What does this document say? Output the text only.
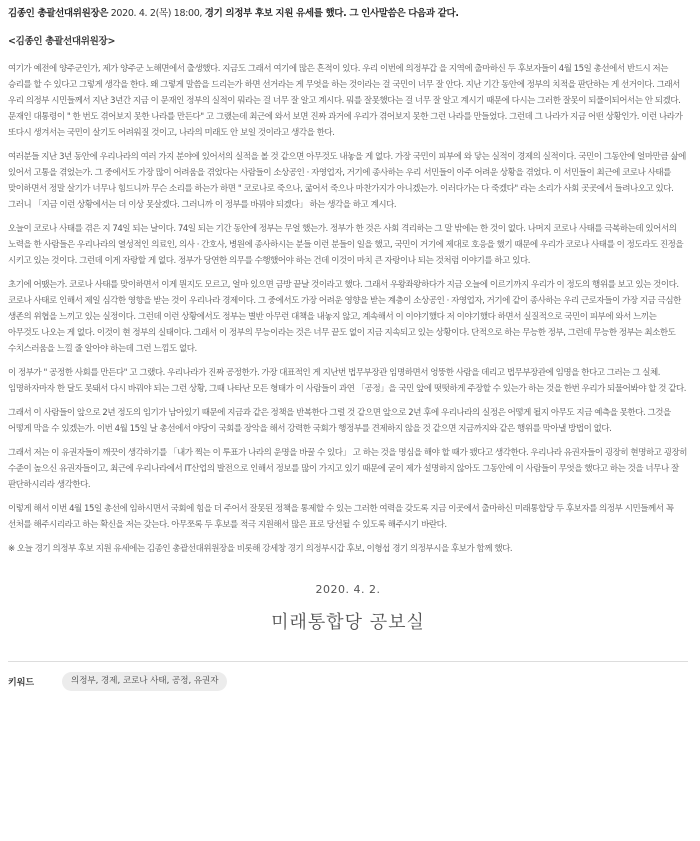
김종인 총괄선대위원장은 2020. 4. 2(목) 18:00, 경기 의정부 후보 지원 유세를 했다. 그 인사말씀은 다음과 같다.

<김종인 총괄선대위원장>

여기가 예전에 양주군인가, 제가 양주군 노해면에서 출생했다. 지금도 그래서 여기에 많은 흔적이 있다. 우리 이번에 의정부갑 을 지역에 출마하신 두 후보자들이 4월 15일 총선에서 반드시 저는 승리를 할 수 있다고 그렇게 생각을 한다. 왜 그렇게 말씀을 드리는가 하면 선거라는 게 무엇을 하는 것이라는 걸 국민이 너무 잘 안다. 지난 기간 동안에 정부의 치적을 판단하는 게 선거이다. 그래서 우리 의정부 시민들께서 지난 3년간 지금 이 문재인 정부의 실적이 뭐라는 걸 너무 잘 알고 계시다. 뭐를 잘못했다는 걸 너무 잘 알고 계시기 때문에 다시는 그러한 잘못이 되풀이되어서는 안 되겠다. 문재인 대통령이 " 한 번도 겪어보지 못한 나라를 만든다" 고 그랬는데 최근에 와서 보면 진짜 과거에 우리가 겪어보지 못한 그런 나라를 만들었다. 그런데 그 나라가 지금 어떤 상황인가. 이런 나라가 또다시 생겨서는 국민이 살기도 어려워질 것이고, 나라의 미래도 안 보일 것이라고 생각을 한다.

여러분들 지난 3년 동안에 우리나라의 여러 가지 분야에 있어서의 실적을 볼 것 같으면 아무것도 내놓을 게 없다. 가장 국민이 피부에 와 닿는 실적이 경제의 실적이다. 국민이 그동안에 얼마만큼 삶에 있어서 고통을 겪었는가. 그 중에서도 가장 많이 어려움을 겪었다는 사람들이 소상공인 · 자영업자, 거기에 종사하는 우리 서민들이 아주 어려운 상황을 겪었다. 이 서민들이 최근에 코로나 사태를 맞이하면서 정말 살기가 너무나 힘드니까 무슨 소리를 하는가 하면 " 코로나로 죽으나, 굶어서 죽으나 마찬가지가 아니겠는가. 이러다가는 다 죽겠다" 라는 소리가 사회 곳곳에서 들려나오고 있다. 그러니 「지금 이런 상황에서는 더 이상 못살겠다. 그러니까 이 정부를 바꿔야 되겠다」 하는 생각을 하고 계시다.

오늘이 코로나 사태를 겪은 지 74일 되는 날이다. 74일 되는 기간 동안에 정부는 무얼 했는가. 정부가 한 것은 사회 격리하는 그 말 밖에는 한 것이 없다. 나머지 코로나 사태를 극복하는데 있어서의 노력을 한 사람들은 우리나라의 열성적인 의료인, 의사 · 간호사, 병원에 종사하시는 분들 이런 분들이 일을 했고, 국민이 거기에 제대로 호응을 했기 때문에 우리가 코로나 사태를 이 정도라도 진정을 시키고 있는 것이다. 그런데 이게 자랑할 게 없다. 정부가 당연한 의무를 수행했어야 하는 건데 이것이 마치 큰 자랑이나 되는 것처럼 이야기를 하고 있다.

초기에 어땠는가. 코로나 사태를 맞이하면서 이게 뭔지도 모르고, 얼마 있으면 금방 끝날 것이라고 했다. 그래서 우왕좌왕하다가 지금 오늘에 이르기까지 우리가 이 정도의 행위를 보고 있는 것이다. 코로나 사태로 인해서 제일 심각한 영향을 받는 것이 우리나라 경제이다. 그 중에서도 가장 어려운 영향을 받는 계층이 소상공인 · 자영업자, 거기에 같이 종사하는 우리 근로자들이 가장 지금 극심한 생존의 위협을 느끼고 있는 실정이다. 그런데 이런 상황에서도 정부는 별반 아무런 대책을 내놓지 않고, 계속해서 이 이야기했다 저 이야기했다 하면서 실질적으로 국민이 피부에 와서 느끼는 아무것도 나오는 게 없다. 이것이 현 정부의 실태이다. 그래서 이 정부의 무능이라는 것은 너무 끝도 없이 지금 지속되고 있는 상황이다. 단적으로 하는 무능한 정부, 그런데 무능한 정부는 최소한도 수치스러움을 느낄 줄 알아야 하는데 그런 느낌도 없다.

이 정부가 " 공정한 사회를 만든다" 고 그랬다. 우리나라가 진짜 공정한가. 가장 대표적인 게 지난번 법무부장관 임명하면서 엉뚱한 사람을 데리고 법무부장관에 임명을 한다고 그러는 그 실체. 임명하자마자 한 달도 못돼서 다시 바꿔야 되는 그런 상황, 그때 나타난 모든 형태가 이 사람들이 과연 「공정」을 국민 앞에 떳떳하게 주장할 수 있는가 하는 것을 한번 우리가 되물어봐야 할 것 같다.

그래서 이 사람들이 앞으로 2년 정도의 임기가 남아있기 때문에 지금과 같은 정책을 반복한다 그럴 것 같으면 앞으로 2년 후에 우리나라의 실정은 어떻게 될지 아무도 지금 예측을 못한다. 그것을 어떻게 막을 수 있겠는가. 이번 4월 15일 날 총선에서 야당이 국회를 장악을 해서 강력한 국회가 행정부를 견제하지 않을 것 같으면 지금까지와 같은 행위를 막아낼 방법이 없다.

그래서 저는 이 유권자들이 깨끗이 생각하기를 「내가 찍는 이 투표가 나라의 운명을 바꿀 수 있다」 고 하는 것을 명심을 해야 할 때가 됐다고 생각한다. 우리나라 유권자들이 굉장히 현명하고 굉장히 수준이 높으신 유권자들이고, 최근에 우리나라에서 IT산업의 발전으로 인해서 정보를 많이 가지고 있기 때문에 굳이 제가 설명하지 않아도 그동안에 이 사람들이 무엇을 했다고 하는 것을 너무나 잘 판단하시리라 생각한다.

이렇게 해서 이번 4월 15일 총선에 임하시면서 국회에 힘을 더 주어서 잘못된 정책을 통제할 수 있는 그러한 여력을 갖도록 지금 이곳에서 출마하신 미래통합당 두 후보자를 의정부 시민들께서 꼭 선처를 해주시리라고 하는 확신을 저는 갖는다. 아무쪼록 두 후보를 적극 지원해서 많은 표로 당선될 수 있도록 해주시기 바란다.

※ 오늘 경기 의정부 후보 지원 유세에는 김종인 총괄선대위원장을 비롯해 강세창 경기 의정부시갑 후보, 이형섭 경기 의정부시을 후보가 함께 했다.

2020. 4. 2.

미래통합당 공보실

키워드	의정부, 경제, 코로나 사태, 공정, 유권자
